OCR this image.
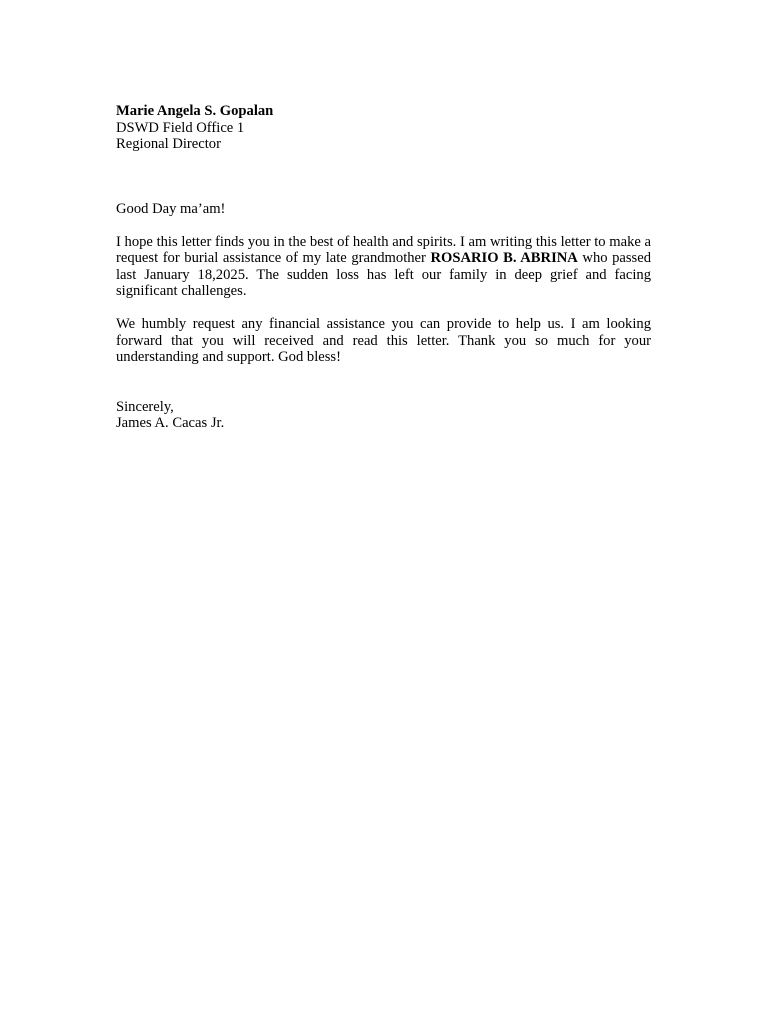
Marie Angela S. Gopalan
DSWD Field Office 1
Regional Director
Good Day ma’am!

I hope this letter finds you in the best of health and spirits. I am writing this letter to make a request for burial assistance of my late grandmother ROSARIO B. ABRINA who passed last January 18,2025. The sudden loss has left our family in deep grief and facing significant challenges.

We humbly request any financial assistance you can provide to help us. I am looking forward that you will received and read this letter. Thank you so much for your understanding and support. God bless!

Sincerely,
James A. Cacas Jr.
